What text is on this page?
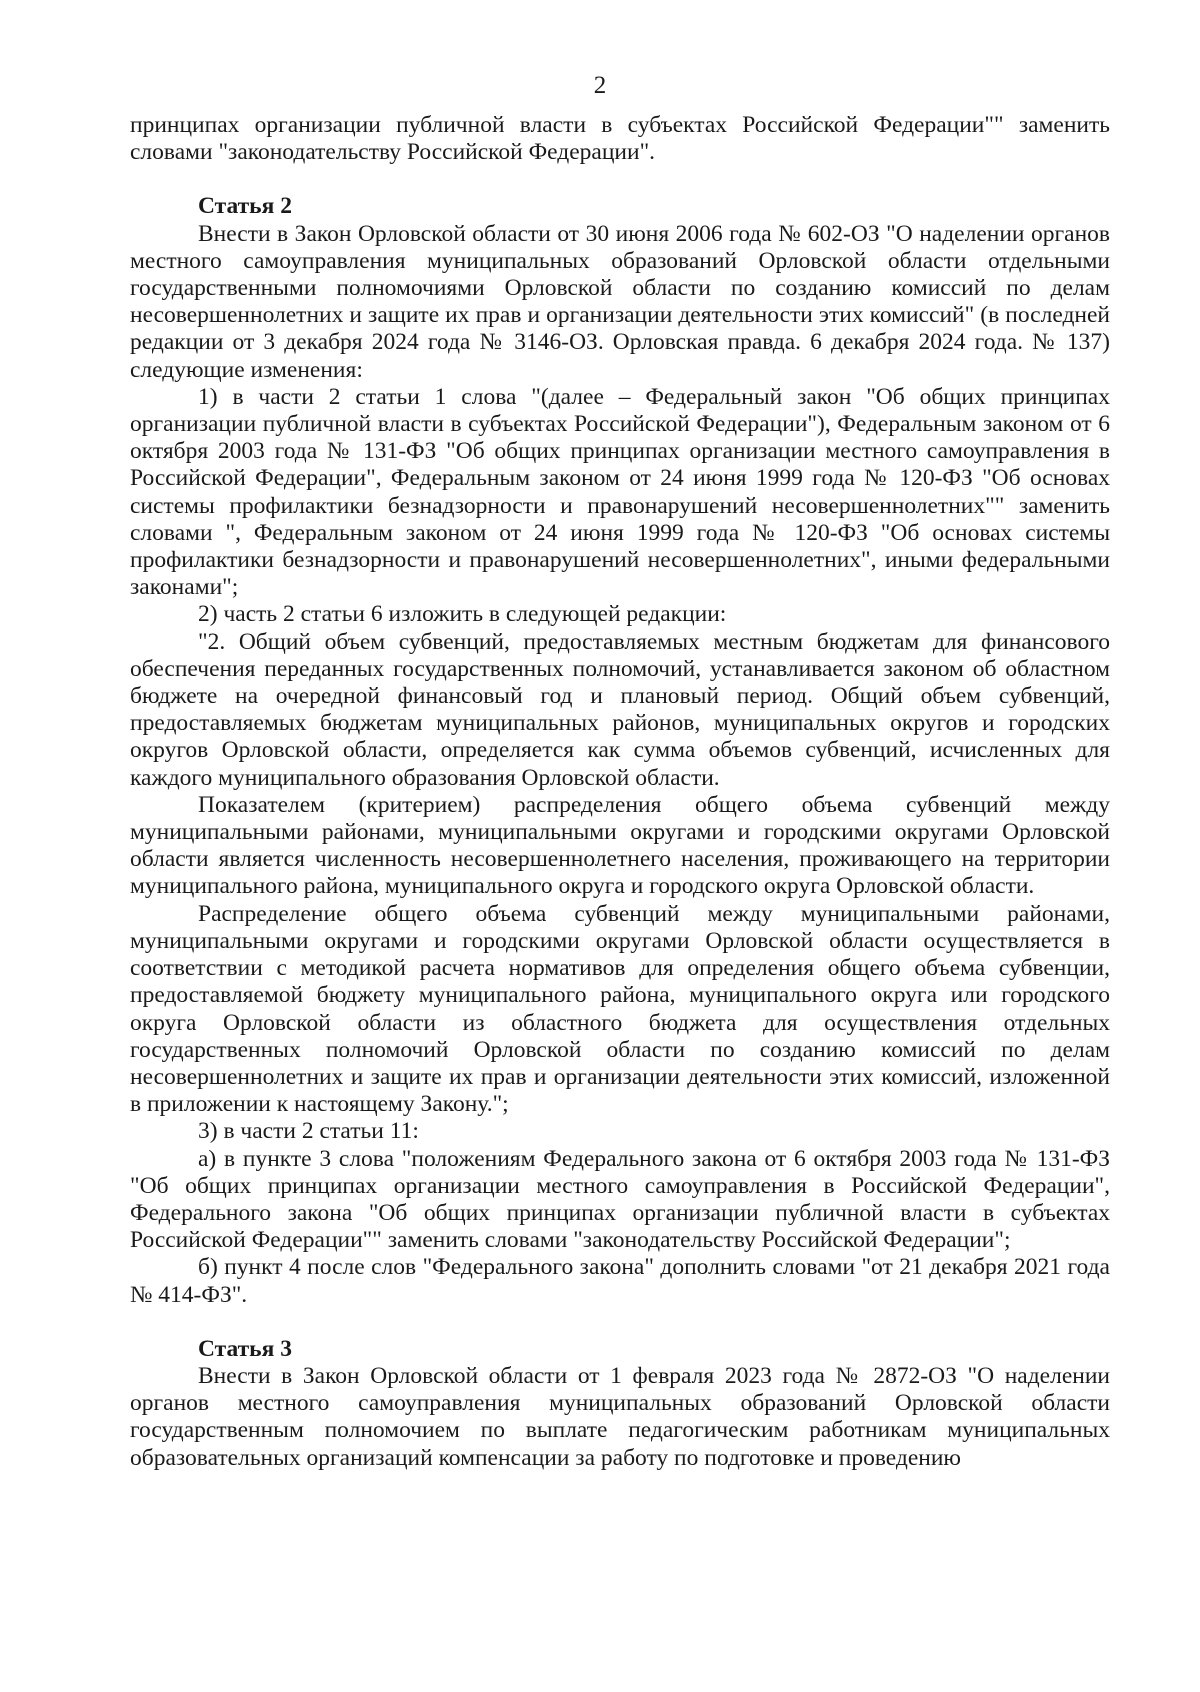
2

принципах организации публичной власти в субъектах Российской Федерации"" заменить словами "законодательству Российской Федерации".

Статья 2

Внести в Закон Орловской области от 30 июня 2006 года № 602-ОЗ "О наделении органов местного самоуправления муниципальных образований Орловской области отдельными государственными полномочиями Орловской области по созданию комиссий по делам несовершеннолетних и защите их прав и организации деятельности этих комиссий" (в последней редакции от 3 декабря 2024 года № 3146-ОЗ. Орловская правда. 6 декабря 2024 года. № 137) следующие изменения:

1) в части 2 статьи 1 слова "(далее – Федеральный закон "Об общих принципах организации публичной власти в субъектах Российской Федерации"), Федеральным законом от 6 октября 2003 года № 131-ФЗ "Об общих принципах организации местного самоуправления в Российской Федерации", Федеральным законом от 24 июня 1999 года № 120-ФЗ "Об основах системы профилактики безнадзорности и правонарушений несовершеннолетних"" заменить словами ", Федеральным законом от 24 июня 1999 года № 120-ФЗ "Об основах системы профилактики безнадзорности и правонарушений несовершеннолетних", иными федеральными законами";

2) часть 2 статьи 6 изложить в следующей редакции:

"2. Общий объем субвенций, предоставляемых местным бюджетам для финансового обеспечения переданных государственных полномочий, устанавливается законом об областном бюджете на очередной финансовый год и плановый период. Общий объем субвенций, предоставляемых бюджетам муниципальных районов, муниципальных округов и городских округов Орловской области, определяется как сумма объемов субвенций, исчисленных для каждого муниципального образования Орловской области.

Показателем (критерием) распределения общего объема субвенций между муниципальными районами, муниципальными округами и городскими округами Орловской области является численность несовершеннолетнего населения, проживающего на территории муниципального района, муниципального округа и городского округа Орловской области.

Распределение общего объема субвенций между муниципальными районами, муниципальными округами и городскими округами Орловской области осуществляется в соответствии с методикой расчета нормативов для определения общего объема субвенции, предоставляемой бюджету муниципального района, муниципального округа или городского округа Орловской области из областного бюджета для осуществления отдельных государственных полномочий Орловской области по созданию комиссий по делам несовершеннолетних и защите их прав и организации деятельности этих комиссий, изложенной в приложении к настоящему Закону.";

3) в части 2 статьи 11:

а) в пункте 3 слова "положениям Федерального закона от 6 октября 2003 года № 131-ФЗ "Об общих принципах организации местного самоуправления в Российской Федерации", Федерального закона "Об общих принципах организации публичной власти в субъектах Российской Федерации"" заменить словами "законодательству Российской Федерации";

б) пункт 4 после слов "Федерального закона" дополнить словами "от 21 декабря 2021 года № 414-ФЗ".

Статья 3

Внести в Закон Орловской области от 1 февраля 2023 года № 2872-ОЗ "О наделении органов местного самоуправления муниципальных образований Орловской области государственным полномочием по выплате педагогическим работникам муниципальных образовательных организаций компенсации за работу по подготовке и проведению
